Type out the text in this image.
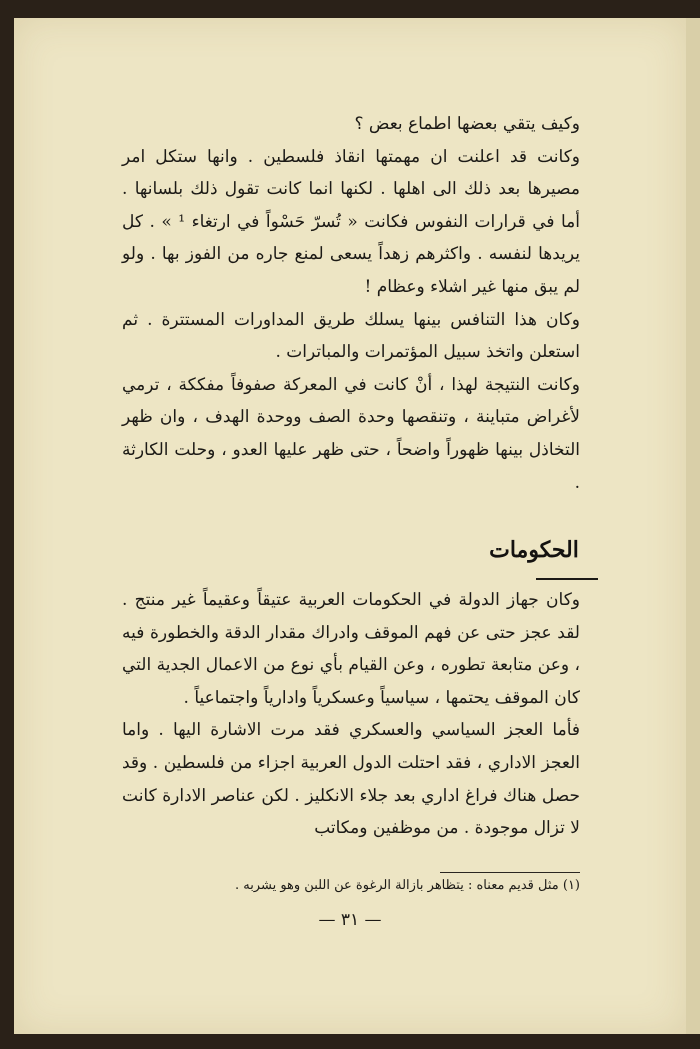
وكيف يتقي بعضها اطماع بعض ؟

وكانت قد اعلنت ان مهمتها انقاذ فلسطين . وانها ستكل امر مصيرها بعد ذلك الى اهلها . لكنها انما كانت تقول ذلك بلسانها . أما في قرارات النفوس فكانت « تُسرّ حَسْواً في ارتغاء ¹ » . كل يريدها لنفسه . واكثرهم زهداً يسعى لمنع جاره من الفوز بها . ولو لم يبق منها غير اشلاء وعظام !

وكان هذا التنافس بينها يسلك طريق المداورات المستترة . ثم استعلن واتخذ سبيل المؤتمرات والمباترات .

وكانت النتيجة لهذا ، أنْ كانت في المعركة صفوفاً مفككة ، ترمي لأغراض متباينة ، وتنقصها وحدة الصف ووحدة الهدف ، وان ظهر التخاذل بينها ظهوراً واضحاً ، حتى ظهر عليها العدو ، وحلت الكارثة .

الحكومات

وكان جهاز الدولة في الحكومات العربية عتيقاً وعقيماً غير منتج . لقد عجز حتى عن فهم الموقف وادراك مقدار الدقة والخطورة فيه ، وعن متابعة تطوره ، وعن القيام بأي نوع من الاعمال الجدية التي كان الموقف يحتمها ، سياسياً وعسكرياً وادارياً واجتماعياً .

فأما العجز السياسي والعسكري فقد مرت الاشارة اليها . واما العجز الاداري ، فقد احتلت الدول العربية اجزاء من فلسطين . وقد حصل هناك فراغ اداري بعد جلاء الانكليز . لكن عناصر الادارة كانت لا تزال موجودة . من موظفين ومكاتب

(١) مثل قديم معناه : يتظاهر بازالة الرغوة عن اللبن وهو يشربه .
— ٣١ —
